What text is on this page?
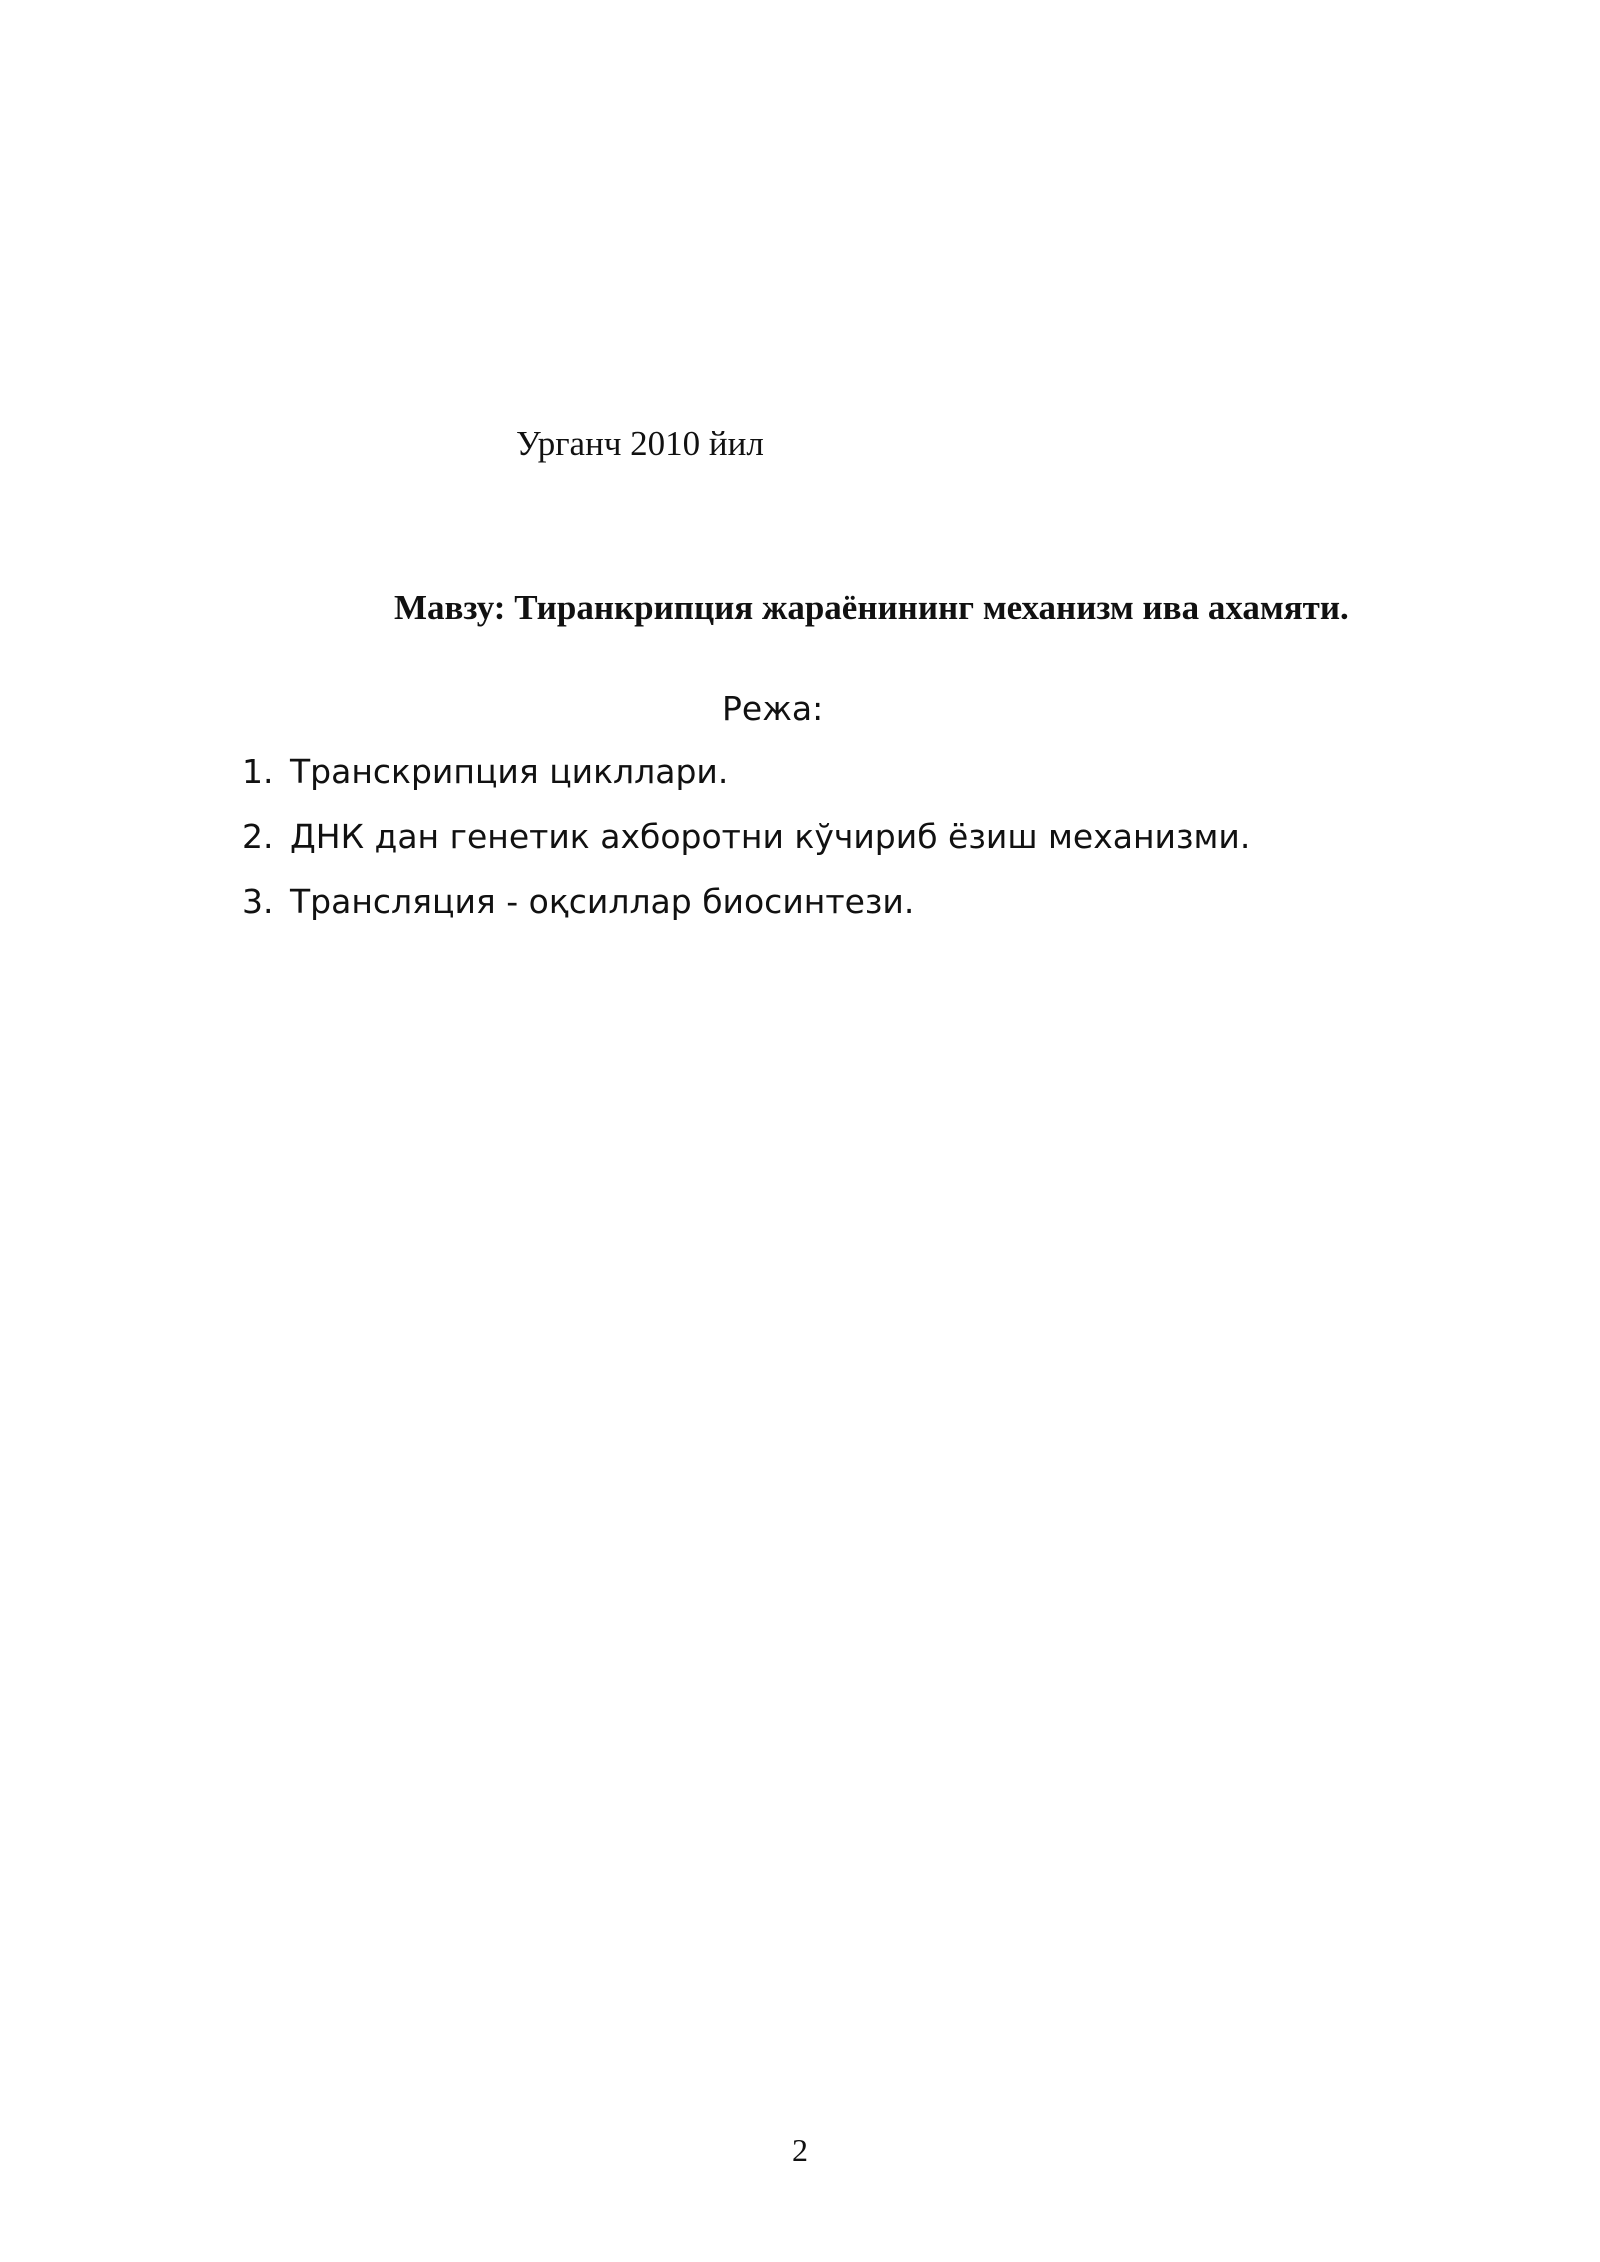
Урганч 2010 йил
Мавзу: Тиранкрипция жараёнининг механизм ива ахамяти.
Режа:
1. Транскрипция цикллари.
2. ДНК дан генетик ахборотни кўчириб ёзиш механизми.
3. Трансляция - оқсиллар биосинтези.
2
